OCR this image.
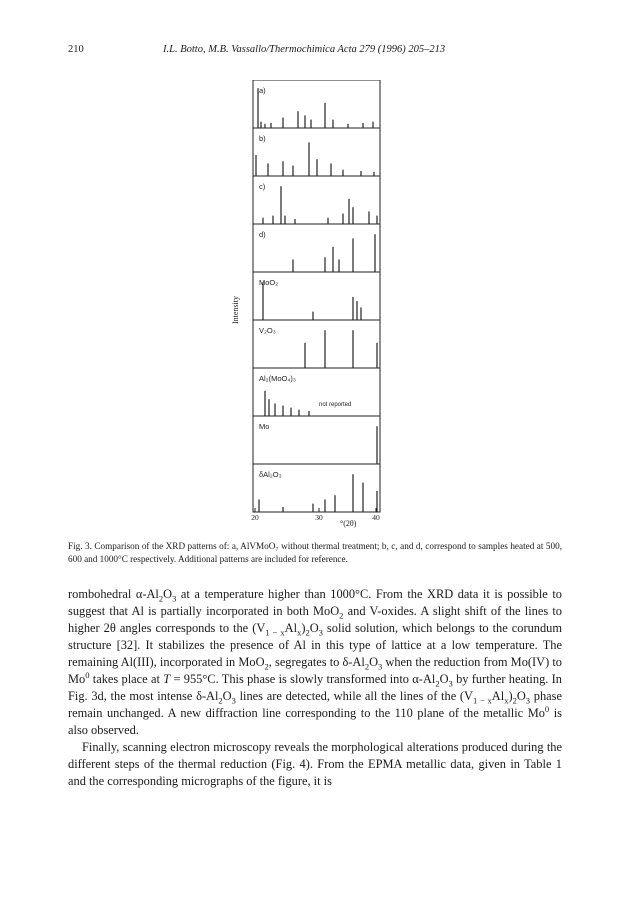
210	I.L. Botto, M.B. Vassallo/Thermochimica Acta 279 (1996) 205–213
a)
b)
c)
d)
MoO₂
V₂O₃
Al₂(MoO₄)₃
not reported
Mo
δAl₂O₃
Intensity
20	30	40
°(2θ)
Fig. 3. Comparison of the XRD patterns of: a, AlVMoO₇ without thermal treatment; b, c, and d, correspond to samples heated at 500, 600 and 1000°C respectively. Additional patterns are included for reference.

rombohedral $\alpha-Al_2O_3$ at a temperature higher than 1000°C. From the XRD data it is possible to suggest that Al is partially incorporated in both MoO$_2$ and V-oxides. A slight shift of the lines to higher 2θ angles corresponds to the $(V_{1 - x}Al_x)_2O_3$ solid solution, which belongs to the corundum structure [32]. It stabilizes the presence of Al in this type of lattice at a low temperature. The remaining Al(III), incorporated in MoO$_2$, segregates to $\delta-Al_2O_3$ when the reduction from Mo(IV) to Mo$^0$ takes place at T = 955°C. This phase is slowly transformed into $\alpha-Al_2O_3$ by further heating. In Fig. 3d, the most intense $\delta-Al_2O_3$ lines are detected, while all the lines of the $(V_{1 - x}Al_x)_2O_3$ phase remain unchanged. A new diffraction line corresponding to the 110 plane of the metallic Mo$^0$ is also observed.

Finally, scanning electron microscopy reveals the morphological alterations produced during the different steps of the thermal reduction (Fig. 4). From the EPMA metallic data, given in Table 1 and the corresponding micrographs of the figure, it is
